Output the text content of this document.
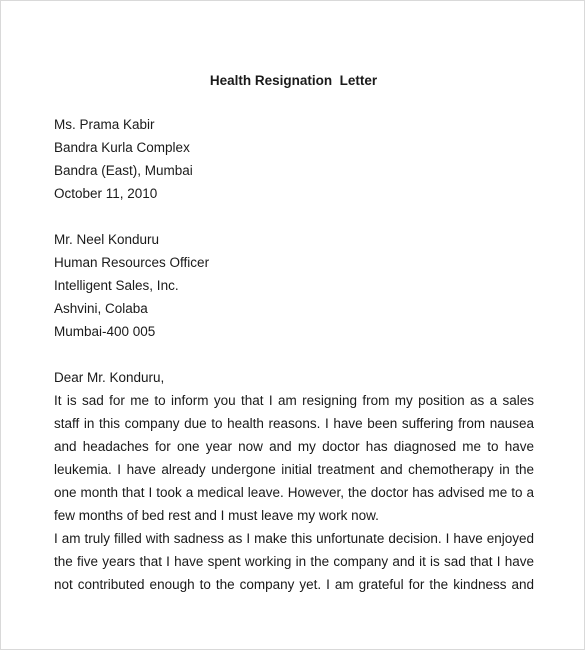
Health Resignation  Letter
Ms. Prama Kabir
Bandra Kurla Complex
Bandra (East), Mumbai
October 11, 2010
Mr. Neel Konduru
Human Resources Officer
Intelligent Sales, Inc.
Ashvini, Colaba
Mumbai-400 005
Dear Mr. Konduru,

It is sad for me to inform you that I am resigning from my position as a sales staff in this company due to health reasons. I have been suffering from nausea and headaches for one year now and my doctor has diagnosed me to have leukemia. I have already undergone initial treatment and chemotherapy in the one month that I took a medical leave. However, the doctor has advised me to a few months of bed rest and I must leave my work now.

I am truly filled with sadness as I make this unfortunate decision. I have enjoyed the five years that I have spent working in the company and it is sad that I have not contributed enough to the company yet. I am grateful for the kindness and
